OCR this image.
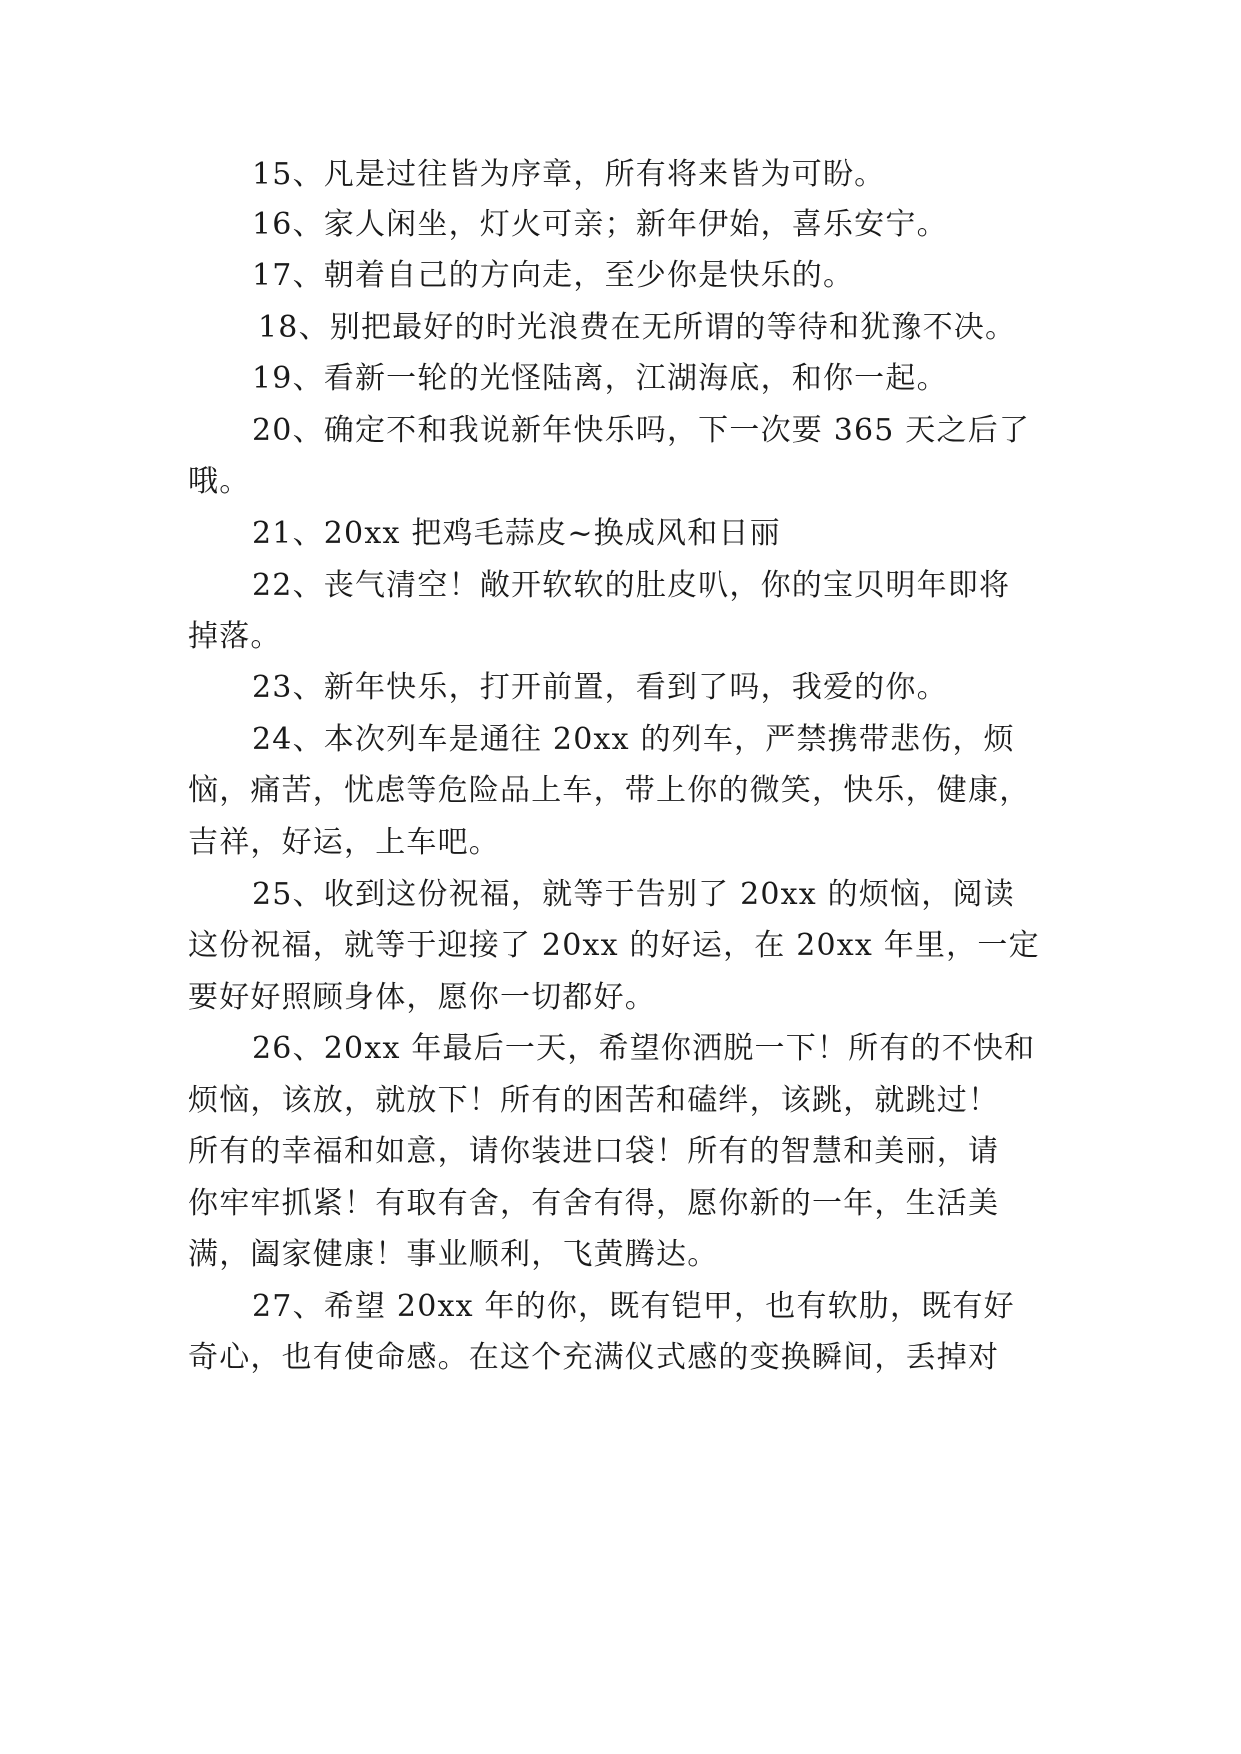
15、凡是过往皆为序章，所有将来皆为可盼。

16、家人闲坐，灯火可亲；新年伊始，喜乐安宁。

17、朝着自己的方向走，至少你是快乐的。

18、别把最好的时光浪费在无所谓的等待和犹豫不决。

19、看新一轮的光怪陆离，江湖海底，和你一起。

20、确定不和我说新年快乐吗，下一次要 365 天之后了

哦。

21、20xx 把鸡毛蒜皮~换成风和日丽

22、丧气清空！敞开软软的肚皮叭，你的宝贝明年即将

掉落。

23、新年快乐，打开前置，看到了吗，我爱的你。

24、本次列车是通往 20xx 的列车，严禁携带悲伤，烦

恼，痛苦，忧虑等危险品上车，带上你的微笑，快乐，健康，

吉祥，好运，上车吧。

25、收到这份祝福，就等于告别了 20xx 的烦恼，阅读

这份祝福，就等于迎接了 20xx 的好运，在 20xx 年里，一定

要好好照顾身体，愿你一切都好。

26、20xx 年最后一天，希望你洒脱一下！所有的不快和

烦恼，该放，就放下！所有的困苦和磕绊，该跳，就跳过！

所有的幸福和如意，请你装进口袋！所有的智慧和美丽，请

你牢牢抓紧！有取有舍，有舍有得，愿你新的一年，生活美

满，阖家健康！事业顺利，飞黄腾达。

27、希望 20xx 年的你，既有铠甲，也有软肋，既有好

奇心，也有使命感。在这个充满仪式感的变换瞬间，丢掉对
